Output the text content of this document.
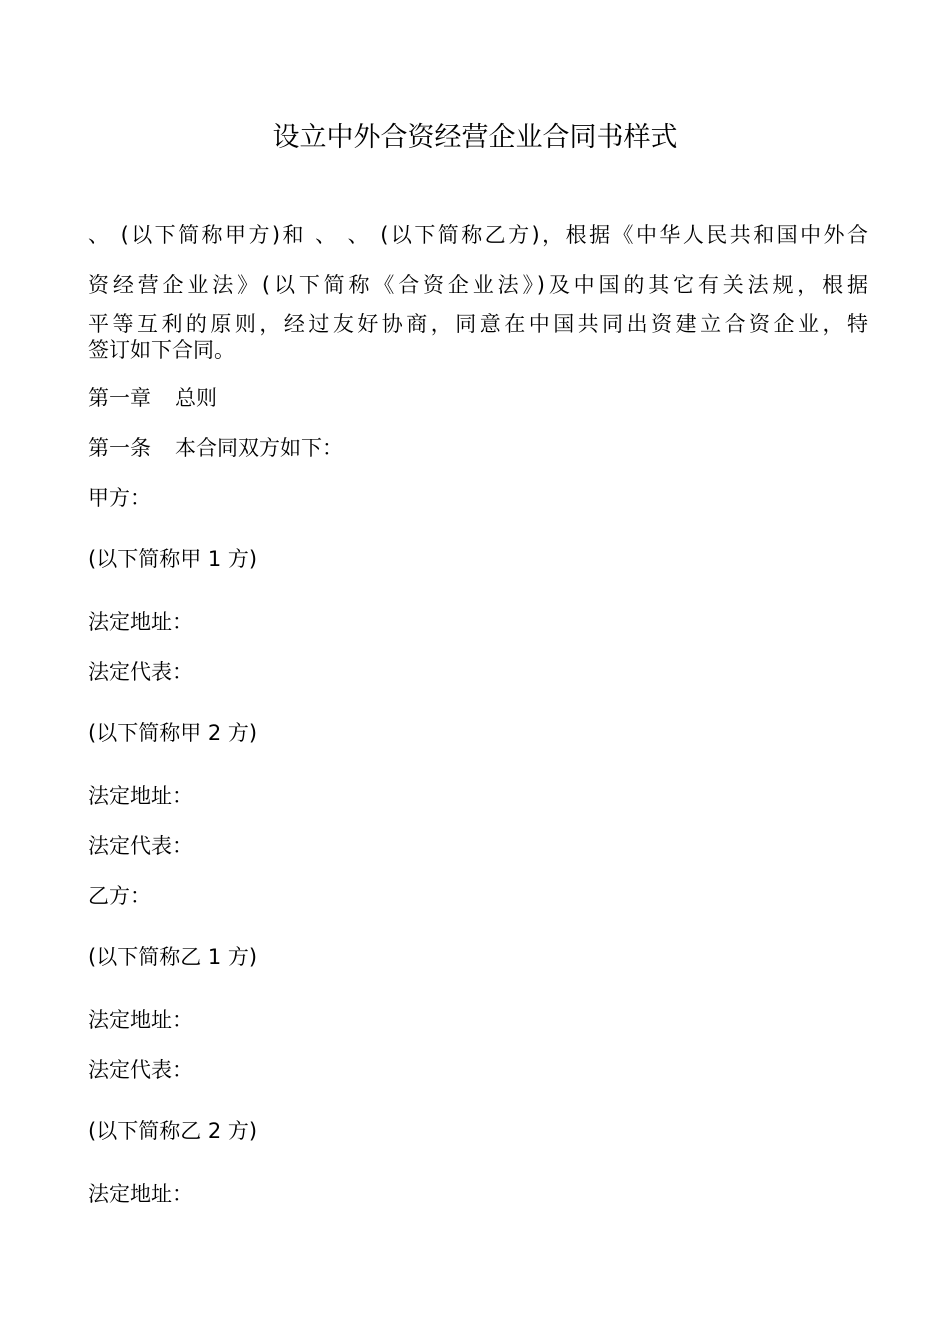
设立中外合资经营企业合同书样式

、 (以下简称甲方)和 、 、 (以下简称乙方)，根据《中华人民共和国中外合

资经营企业法》(以下简称《合资企业法》)及中国的其它有关法规，根据

平等互利的原则，经过友好协商，同意在中国共同出资建立合资企业，特

签订如下合同。

第一章 总则

第一条 本合同双方如下：

甲方：

(以下简称甲 1 方)

法定地址：

法定代表：

(以下简称甲 2 方)

法定地址：

法定代表：

乙方：

(以下简称乙 1 方)

法定地址：

法定代表：

(以下简称乙 2 方)

法定地址：
